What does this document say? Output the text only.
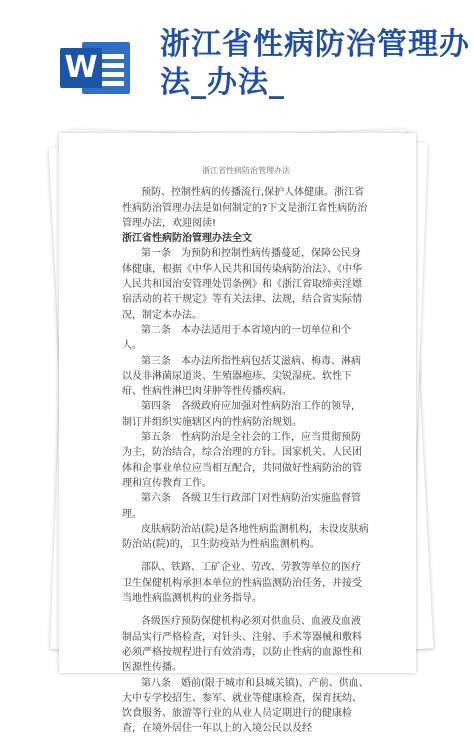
W
浙江省性病防治管理办法_办法_
浙江省性病防治管理办法

预防、控制性病的传播流行,保护人体健康。浙江省性病防治管理办法是如何制定的?下文是浙江省性病防治管理办法，欢迎阅读!

浙江省性病防治管理办法全文

第一条　为预防和控制性病传播蔓延，保障公民身体健康，根据《中华人民共和国传染病防治法》、《中华人民共和国治安管理处罚条例》和《浙江省取缔卖淫嫖宿活动的若干规定》等有关法律、法规，结合省实际情况，制定本办法。

第二条　本办法适用于本省境内的一切单位和个人。

第三条　本办法所指性病包括艾滋病、梅毒、淋病以及非淋菌尿道炎、生殖器疱疹、尖锐湿疣、软性下疳、性病性淋巴肉芽肿等性传播疾病。

第四条　各级政府应加强对性病防治工作的领导，制订并组织实施辖区内的性病防治规划。

第五条　性病防治是全社会的工作，应当贯彻预防为主，防治结合，综合治理的方针。国家机关、人民团体和企事业单位应当相互配合，共同做好性病防治的管理和宣传教育工作。

第六条　各级卫生行政部门对性病防治实施监督管理。

皮肤病防治站(院)是各地性病监测机构，未设皮肤病防治站(院)的，卫生防疫站为性病监测机构。

部队、铁路、工矿企业、劳改、劳教等单位的医疗卫生保健机构承担本单位的性病监测防治任务，并接受当地性病监测机构的业务指导。

各级医疗预防保健机构必须对供血员、血液及血液制品实行严格检查，对针头、注射、手术等器械和敷料必须严格按规程进行有效消毒，以防止性病的血源性和医源性传播。

第八条　婚前(限于城市和县城关镇)、产前、供血、大中专学校招生、参军、就业等健康检查，保育抚幼、饮食服务、旅游等行业的从业人员定期进行的健康检查，在境外居住一年以上的入境公民以及经
